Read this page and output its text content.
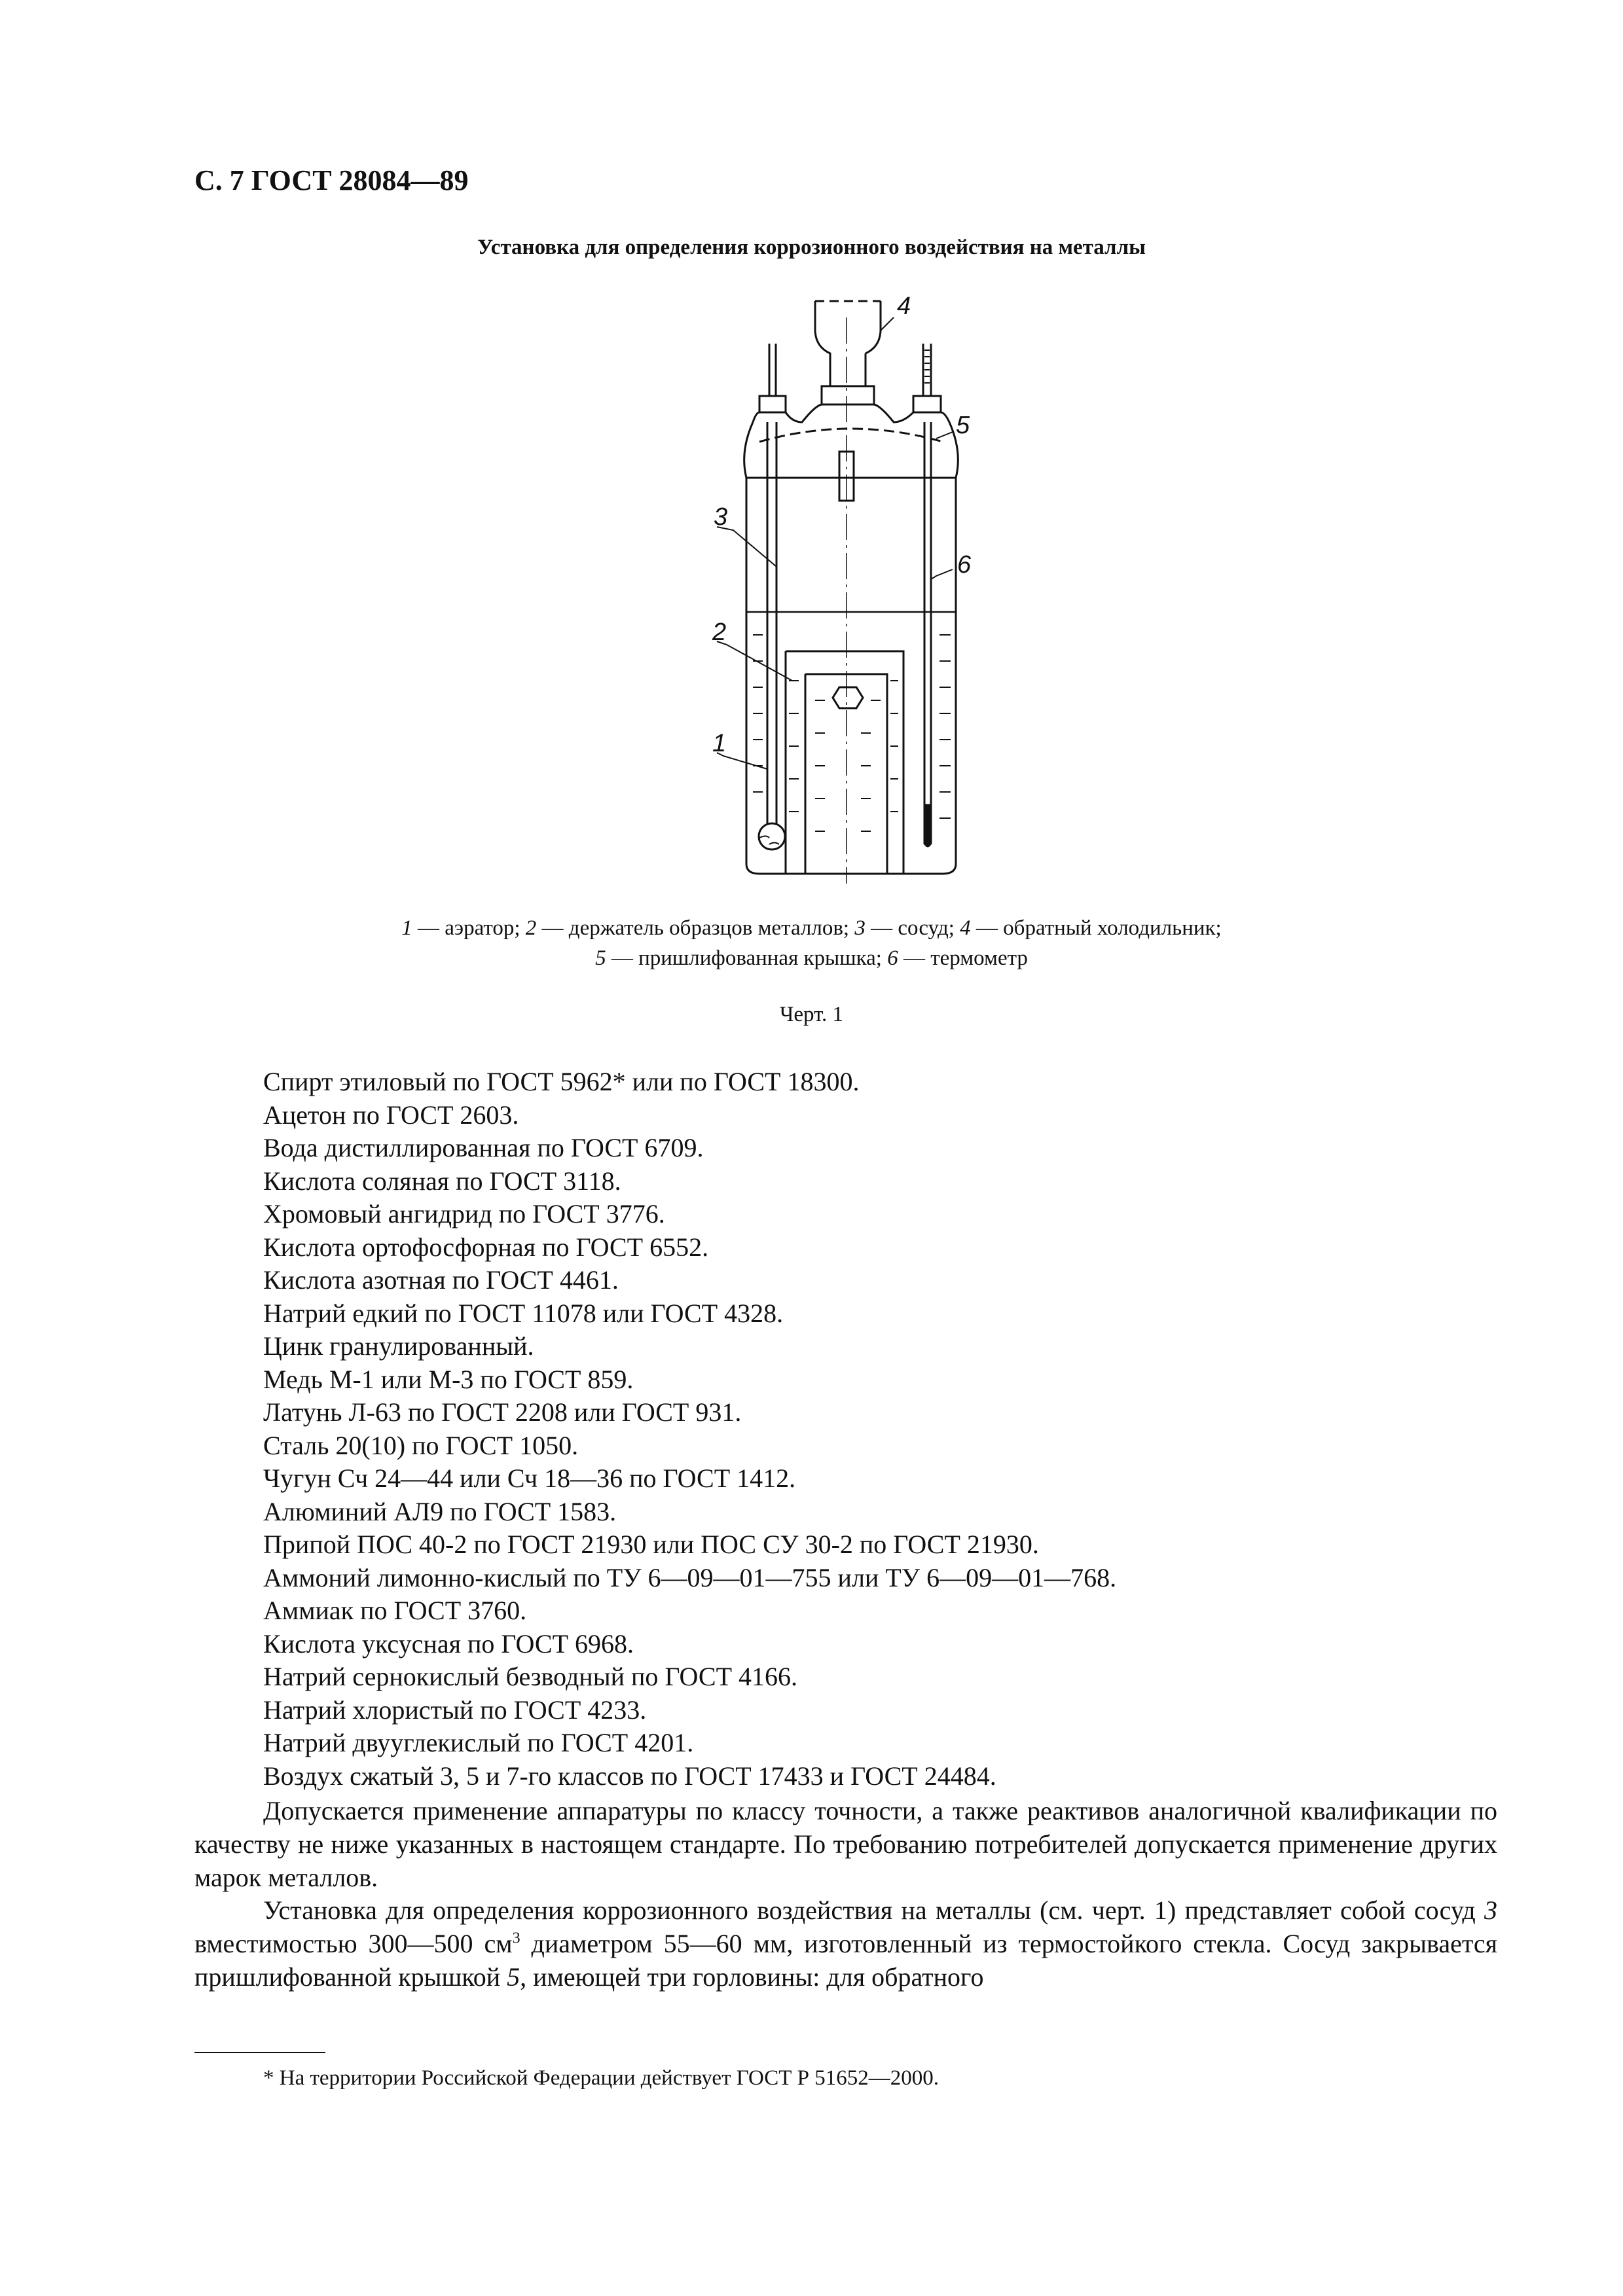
С. 7 ГОСТ 28084—89
Установка для определения коррозионного воздействия на металлы
4
5
3
6
2
1
1 — аэратор; 2 — держатель образцов металлов; 3 — сосуд; 4 — обратный холодильник;
5 — пришлифованная крышка; 6 — термометр
Черт. 1
Спирт этиловый по ГОСТ 5962* или по ГОСТ 18300.
Ацетон по ГОСТ 2603.
Вода дистиллированная по ГОСТ 6709.
Кислота соляная по ГОСТ 3118.
Хромовый ангидрид по ГОСТ 3776.
Кислота ортофосфорная по ГОСТ 6552.
Кислота азотная по ГОСТ 4461.
Натрий едкий по ГОСТ 11078 или ГОСТ 4328.
Цинк гранулированный.
Медь М-1 или М-3 по ГОСТ 859.
Латунь Л-63 по ГОСТ 2208 или ГОСТ 931.
Сталь 20(10) по ГОСТ 1050.
Чугун Сч 24—44 или Сч 18—36 по ГОСТ 1412.
Алюминий АЛ9 по ГОСТ 1583.
Припой ПОС 40-2 по ГОСТ 21930 или ПОС СУ 30-2 по ГОСТ 21930.
Аммоний лимонно-кислый по ТУ 6—09—01—755 или ТУ 6—09—01—768.
Аммиак по ГОСТ 3760.
Кислота уксусная по ГОСТ 6968.
Натрий сернокислый безводный по ГОСТ 4166.
Натрий хлористый по ГОСТ 4233.
Натрий двууглекислый по ГОСТ 4201.
Воздух сжатый 3, 5 и 7-го классов по ГОСТ 17433 и ГОСТ 24484.
Допускается применение аппаратуры по классу точности, а также реактивов аналогичной квалификации по качеству не ниже указанных в настоящем стандарте. По требованию потребителей допускается применение других марок металлов.
Установка для определения коррозионного воздействия на металлы (см. черт. 1) представляет собой сосуд 3 вместимостью 300—500 $см^3$ диаметром 55—60 мм, изготовленный из термостойкого стекла. Сосуд закрывается пришлифованной крышкой 5, имеющей три горловины: для обратного
* На территории Российской Федерации действует ГОСТ Р 51652—2000.
